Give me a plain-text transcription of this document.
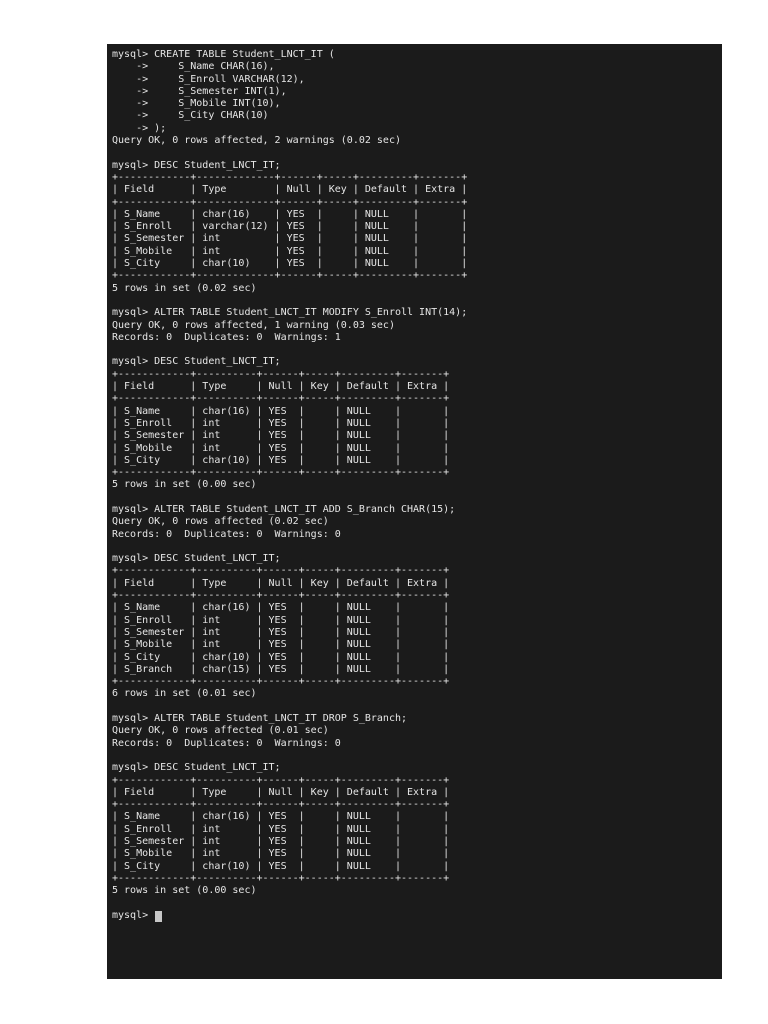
mysql> CREATE TABLE Student_LNCT_IT (
->     S_Name CHAR(16),
->     S_Enroll VARCHAR(12),
->     S_Semester INT(1),
->     S_Mobile INT(10),
->     S_City CHAR(10)
-> );
Query OK, 0 rows affected, 2 warnings (0.02 sec)
mysql> DESC Student_LNCT_IT;
+------------+-------------+------+-----+---------+-------+
| Field      | Type        | Null | Key | Default | Extra |
+------------+-------------+------+-----+---------+-------+
| S_Name     | char(16)    | YES  |     | NULL    |       |
| S_Enroll   | varchar(12) | YES  |     | NULL    |       |
| S_Semester | int         | YES  |     | NULL    |       |
| S_Mobile   | int         | YES  |     | NULL    |       |
| S_City     | char(10)    | YES  |     | NULL    |       |
+------------+-------------+------+-----+---------+-------+
5 rows in set (0.02 sec)
mysql> ALTER TABLE Student_LNCT_IT MODIFY S_Enroll INT(14);
Query OK, 0 rows affected, 1 warning (0.03 sec)
Records: 0  Duplicates: 0  Warnings: 1
mysql> DESC Student_LNCT_IT;
+------------+----------+------+-----+---------+-------+
| Field      | Type     | Null | Key | Default | Extra |
+------------+----------+------+-----+---------+-------+
| S_Name     | char(16) | YES  |     | NULL    |       |
| S_Enroll   | int      | YES  |     | NULL    |       |
| S_Semester | int      | YES  |     | NULL    |       |
| S_Mobile   | int      | YES  |     | NULL    |       |
| S_City     | char(10) | YES  |     | NULL    |       |
+------------+----------+------+-----+---------+-------+
5 rows in set (0.00 sec)
mysql> ALTER TABLE Student_LNCT_IT ADD S_Branch CHAR(15);
Query OK, 0 rows affected (0.02 sec)
Records: 0  Duplicates: 0  Warnings: 0
mysql> DESC Student_LNCT_IT;
+------------+----------+------+-----+---------+-------+
| Field      | Type     | Null | Key | Default | Extra |
+------------+----------+------+-----+---------+-------+
| S_Name     | char(16) | YES  |     | NULL    |       |
| S_Enroll   | int      | YES  |     | NULL    |       |
| S_Semester | int      | YES  |     | NULL    |       |
| S_Mobile   | int      | YES  |     | NULL    |       |
| S_City     | char(10) | YES  |     | NULL    |       |
| S_Branch   | char(15) | YES  |     | NULL    |       |
+------------+----------+------+-----+---------+-------+
6 rows in set (0.01 sec)
mysql> ALTER TABLE Student_LNCT_IT DROP S_Branch;
Query OK, 0 rows affected (0.01 sec)
Records: 0  Duplicates: 0  Warnings: 0
mysql> DESC Student_LNCT_IT;
+------------+----------+------+-----+---------+-------+
| Field      | Type     | Null | Key | Default | Extra |
+------------+----------+------+-----+---------+-------+
| S_Name     | char(16) | YES  |     | NULL    |       |
| S_Enroll   | int      | YES  |     | NULL    |       |
| S_Semester | int      | YES  |     | NULL    |       |
| S_Mobile   | int      | YES  |     | NULL    |       |
| S_City     | char(10) | YES  |     | NULL    |       |
+------------+----------+------+-----+---------+-------+
5 rows in set (0.00 sec)
mysql>
